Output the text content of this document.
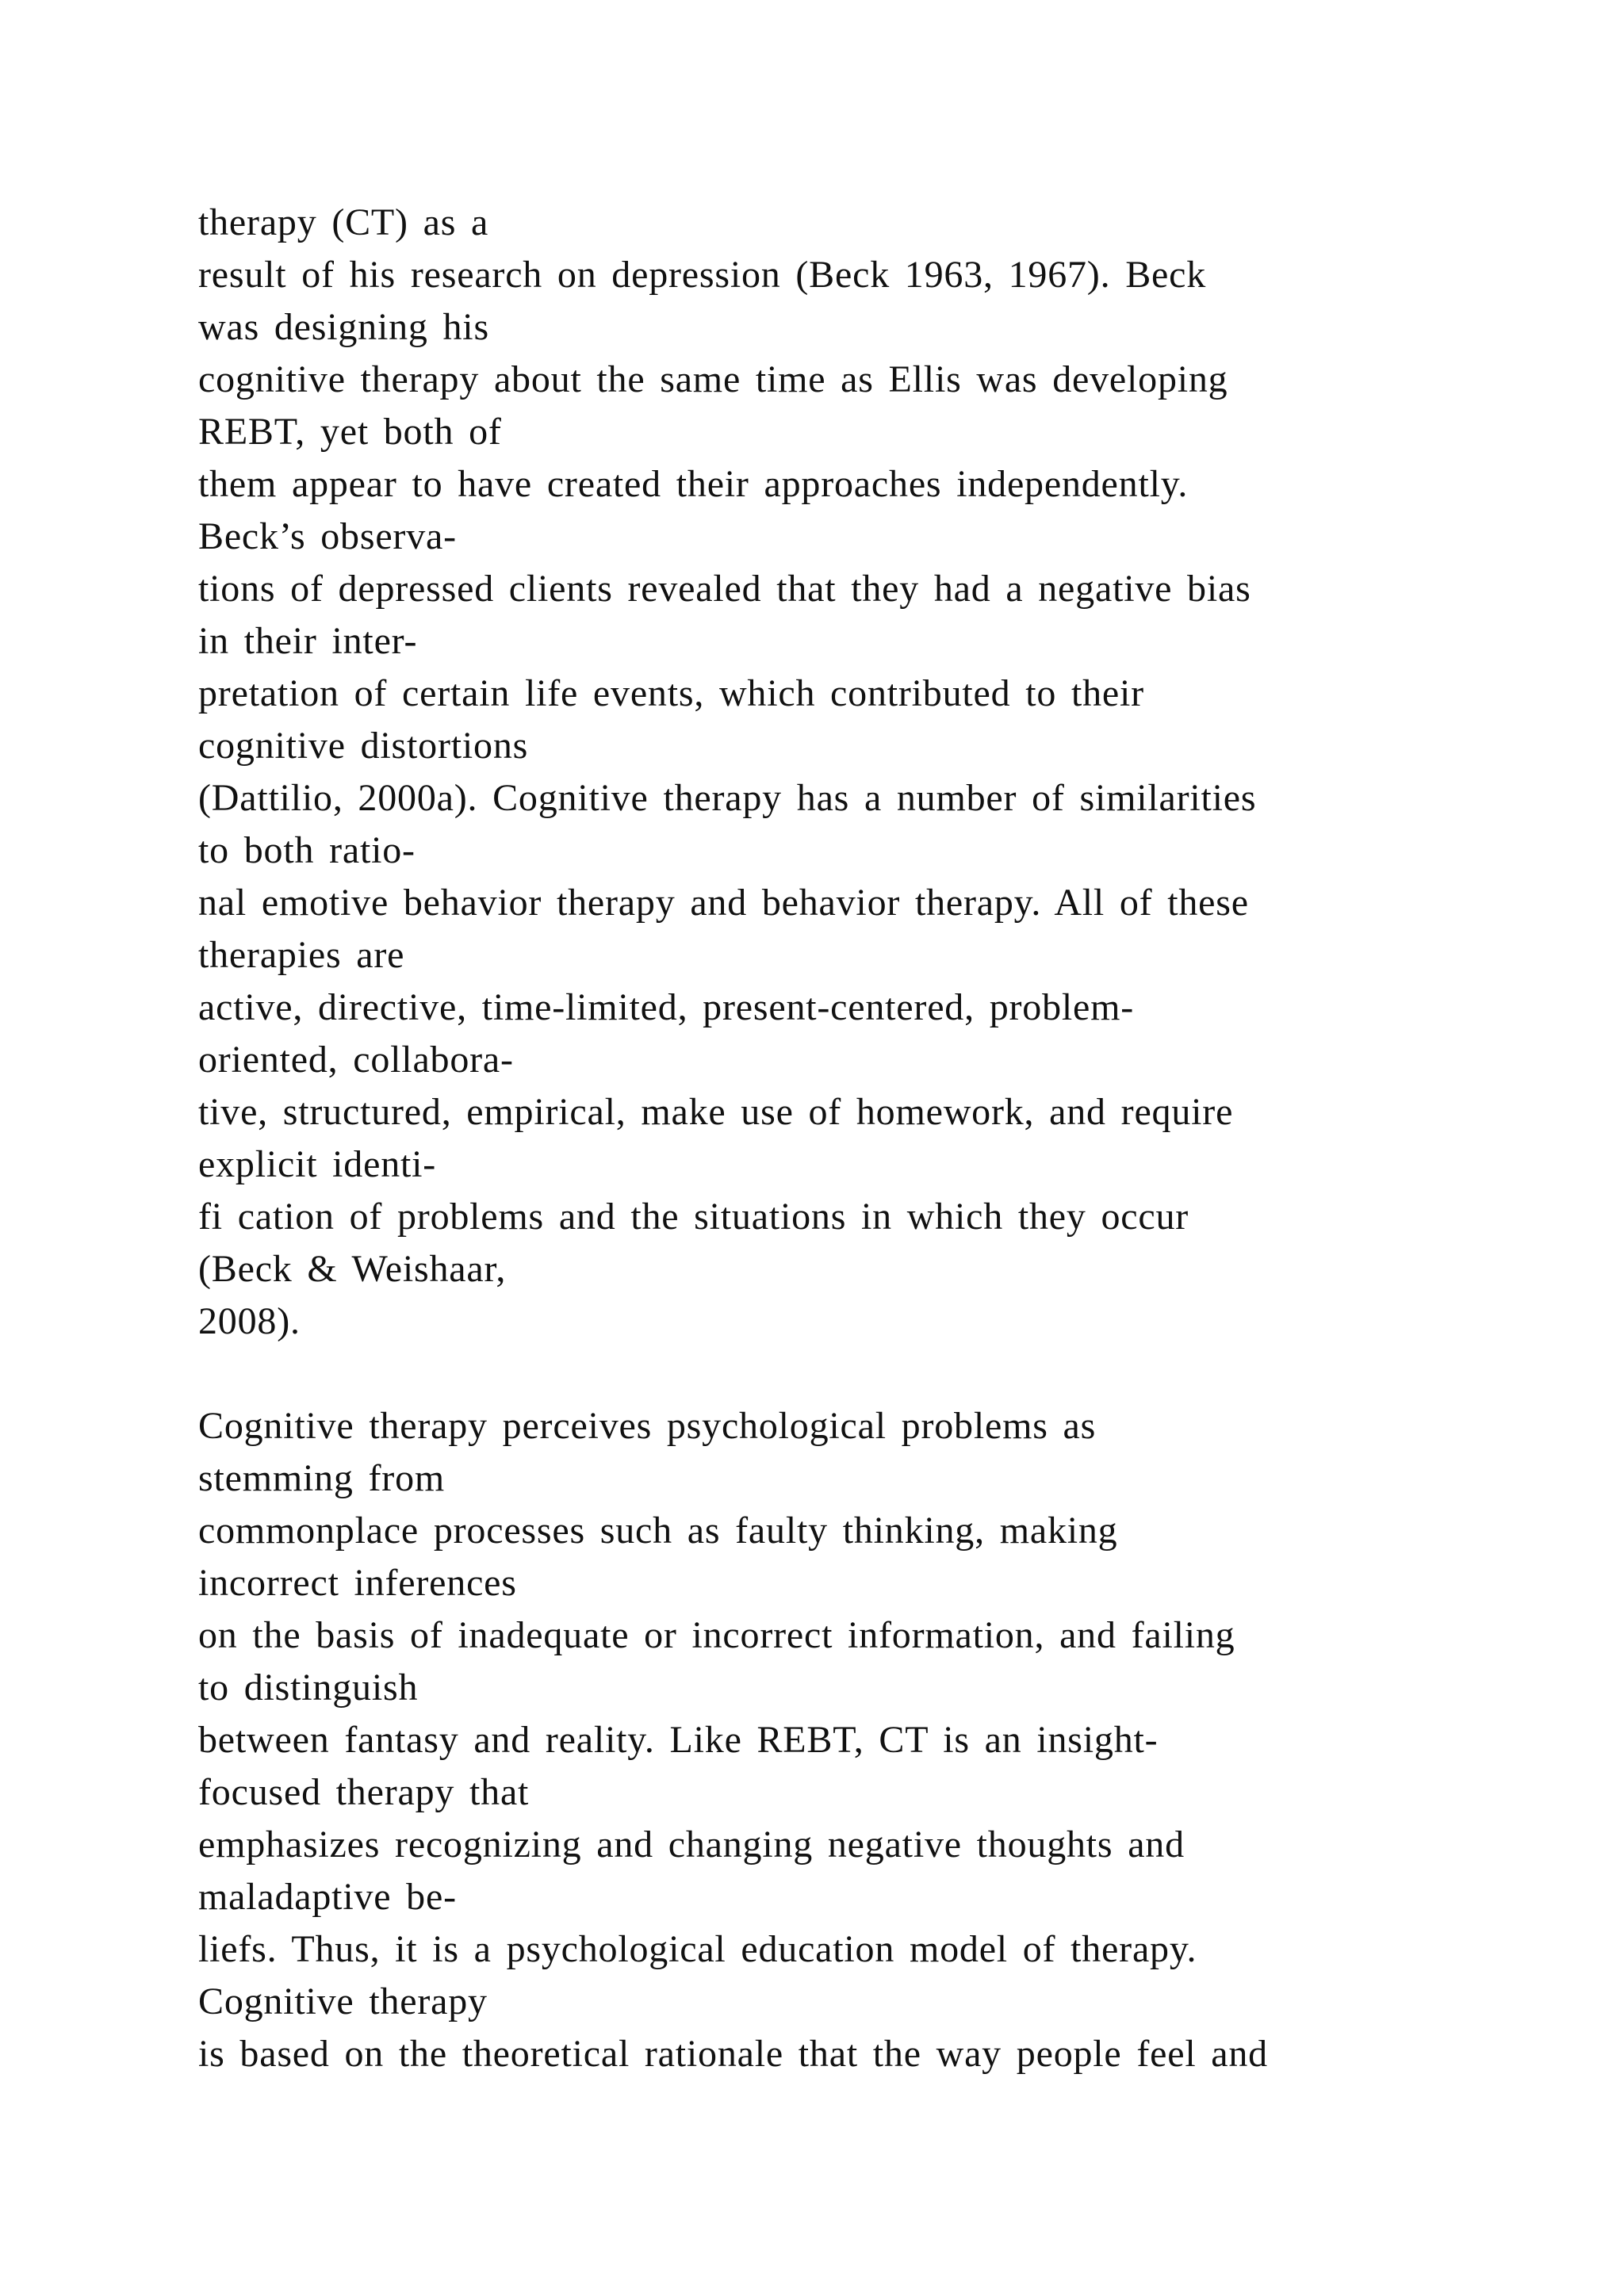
therapy (CT) as a
result of his research on depression (Beck 1963, 1967). Beck
was designing his
cognitive therapy about the same time as Ellis was developing
REBT, yet both of
them appear to have created their approaches independently.
Beck’s observa-
tions of depressed clients revealed that they had a negative bias
in their inter-
pretation of certain life events, which contributed to their
cognitive distortions
(Dattilio, 2000a). Cognitive therapy has a number of similarities
to both ratio-
nal emotive behavior therapy and behavior therapy. All of these
therapies are
active, directive, time-limited, present-centered, problem-
oriented, collabora-
tive, structured, empirical, make use of homework, and require
explicit identi-
fi cation of problems and the situations in which they occur
(Beck & Weishaar,
2008).
Cognitive therapy perceives psychological problems as
stemming from
commonplace processes such as faulty thinking, making
incorrect inferences
on the basis of inadequate or incorrect information, and failing
to distinguish
between fantasy and reality. Like REBT, CT is an insight-
focused therapy that
emphasizes recognizing and changing negative thoughts and
maladaptive be-
liefs. Thus, it is a psychological education model of therapy.
Cognitive therapy
is based on the theoretical rationale that the way people feel and
